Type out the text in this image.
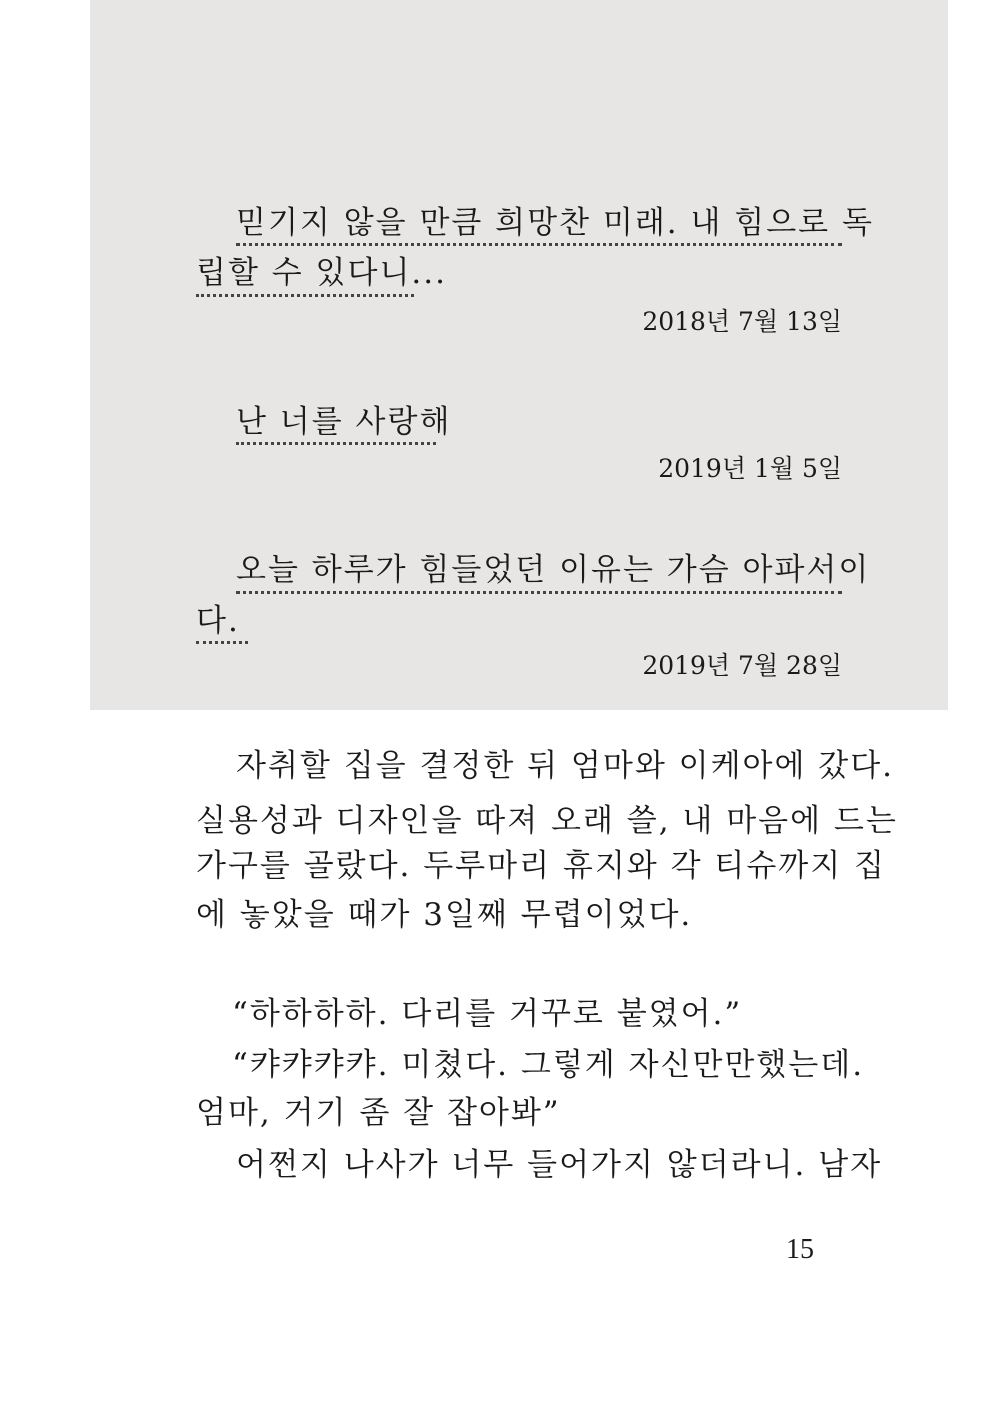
믿기지 않을 만큼 희망찬 미래. 내 힘으로 독
립할 수 있다니...
2018년 7월 13일
난 너를 사랑해
2019년 1월 5일
오늘 하루가 힘들었던 이유는 가슴 아파서이
다.
2019년 7월 28일
자취할 집을 결정한 뒤 엄마와 이케아에 갔다.
실용성과 디자인을 따져 오래 쓸, 내 마음에 드는
가구를 골랐다. 두루마리 휴지와 각 티슈까지 집
에 놓았을 때가 3일째 무렵이었다.
“하하하하. 다리를 거꾸로 붙였어.”
“캬캬캬캬. 미쳤다. 그렇게 자신만만했는데.
엄마, 거기 좀 잘 잡아봐”
어쩐지 나사가 너무 들어가지 않더라니. 남자
15
